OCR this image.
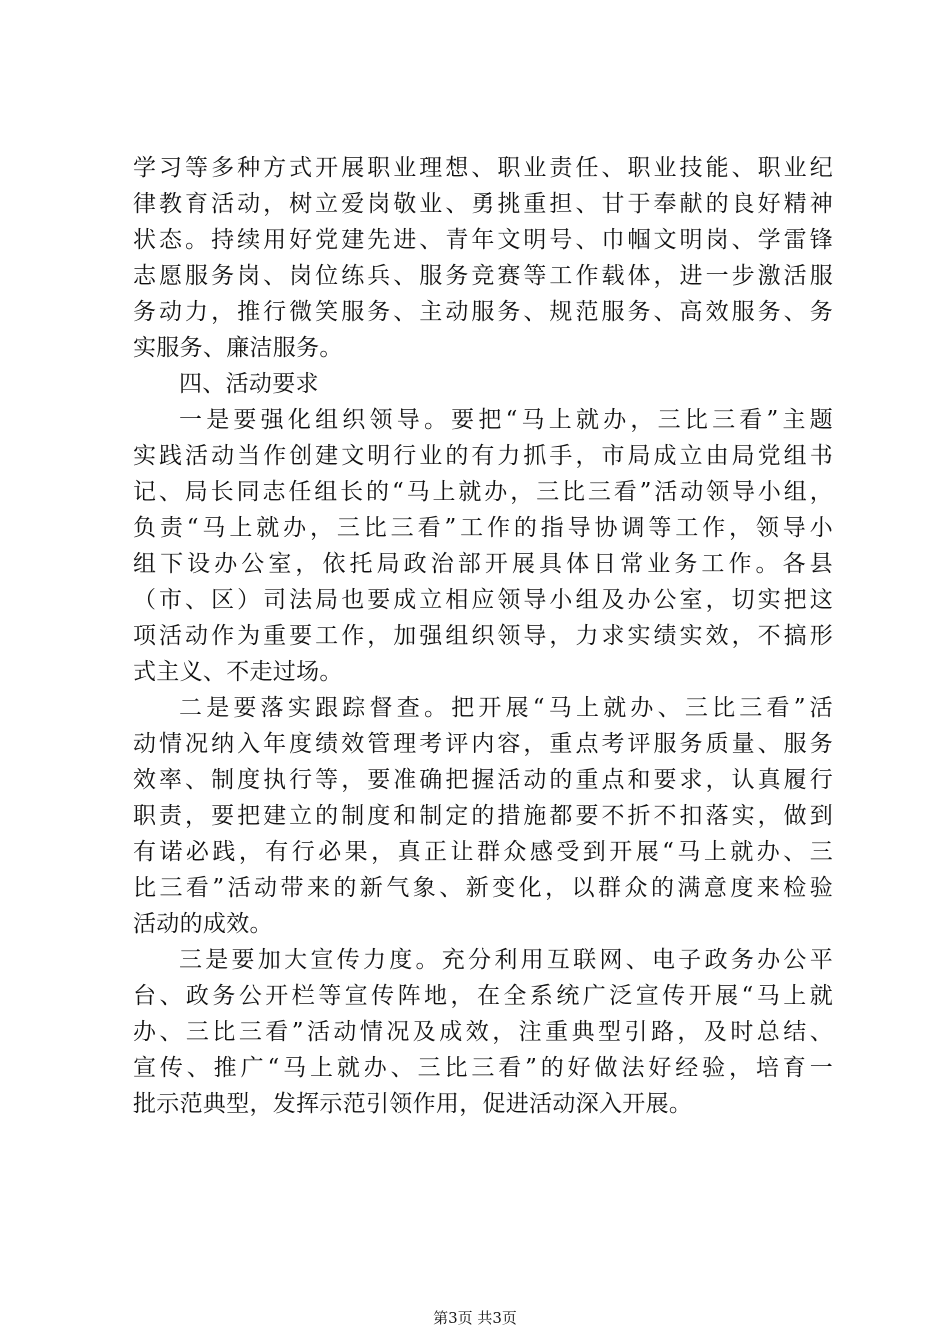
学习等多种方式开展职业理想、职业责任、职业技能、职业纪
律教育活动，树立爱岗敬业、勇挑重担、甘于奉献的良好精神
状态。持续用好党建先进、青年文明号、巾帼文明岗、学雷锋
志愿服务岗、岗位练兵、服务竞赛等工作载体，进一步激活服
务动力，推行微笑服务、主动服务、规范服务、高效服务、务
实服务、廉洁服务。
四、活动要求
一是要强化组织领导。要把“马上就办，三比三看”主题
实践活动当作创建文明行业的有力抓手，市局成立由局党组书
记、局长同志任组长的“马上就办，三比三看”活动领导小组，
负责“马上就办，三比三看”工作的指导协调等工作，领导小
组下设办公室，依托局政治部开展具体日常业务工作。各县
（市、区）司法局也要成立相应领导小组及办公室，切实把这
项活动作为重要工作，加强组织领导，力求实绩实效，不搞形
式主义、不走过场。
二是要落实跟踪督查。把开展“马上就办、三比三看”活
动情况纳入年度绩效管理考评内容，重点考评服务质量、服务
效率、制度执行等，要准确把握活动的重点和要求，认真履行
职责，要把建立的制度和制定的措施都要不折不扣落实，做到
有诺必践，有行必果，真正让群众感受到开展“马上就办、三
比三看”活动带来的新气象、新变化，以群众的满意度来检验
活动的成效。
三是要加大宣传力度。充分利用互联网、电子政务办公平
台、政务公开栏等宣传阵地，在全系统广泛宣传开展“马上就
办、三比三看”活动情况及成效，注重典型引路，及时总结、
宣传、推广“马上就办、三比三看”的好做法好经验，培育一
批示范典型，发挥示范引领作用，促进活动深入开展。
第3页 共3页
